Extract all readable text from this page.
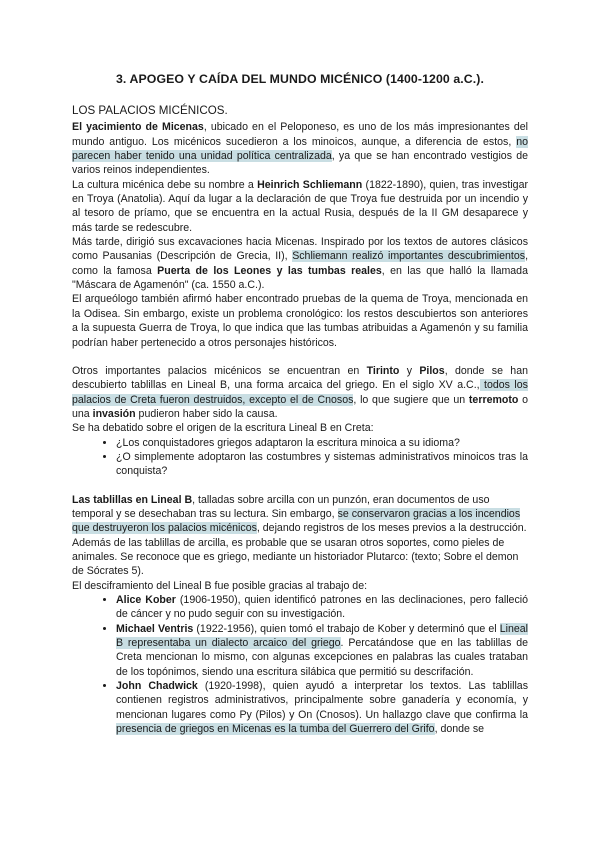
3. APOGEO Y CAÍDA DEL MUNDO MICÉNICO (1400-1200 a.C.).
LOS PALACIOS MICÉNICOS.

El yacimiento de Micenas, ubicado en el Peloponeso, es uno de los más impresionantes del mundo antiguo. Los micénicos sucedieron a los minoicos, aunque, a diferencia de estos, no parecen haber tenido una unidad política centralizada, ya que se han encontrado vestigios de varios reinos independientes.

La cultura micénica debe su nombre a Heinrich Schliemann (1822-1890), quien, tras investigar en Troya (Anatolia). Aquí da lugar a la declaración de que Troya fue destruida por un incendio y al tesoro de príamo, que se encuentra en la actual Rusia, después de la II GM desaparece y más tarde se redescubre.

Más tarde, dirigió sus excavaciones hacia Micenas. Inspirado por los textos de autores clásicos como Pausanias (Descripción de Grecia, II), Schliemann realizó importantes descubrimientos, como la famosa Puerta de los Leones y las tumbas reales, en las que halló la llamada "Máscara de Agamenón" (ca. 1550 a.C.).

El arqueólogo también afirmó haber encontrado pruebas de la quema de Troya, mencionada en la Odisea. Sin embargo, existe un problema cronológico: los restos descubiertos son anteriores a la supuesta Guerra de Troya, lo que indica que las tumbas atribuidas a Agamenón y su familia podrían haber pertenecido a otros personajes históricos.

Otros importantes palacios micénicos se encuentran en Tirinto y Pilos, donde se han descubierto tablillas en Lineal B, una forma arcaica del griego. En el siglo XV a.C., todos los palacios de Creta fueron destruidos, excepto el de Cnosos, lo que sugiere que un terremoto o una invasión pudieron haber sido la causa.

Se ha debatido sobre el origen de la escritura Lineal B en Creta:

• ¿Los conquistadores griegos adaptaron la escritura minoica a su idioma?
• ¿O simplemente adoptaron las costumbres y sistemas administrativos minoicos tras la conquista?

Las tablillas en Lineal B, talladas sobre arcilla con un punzón, eran documentos de uso temporal y se desechaban tras su lectura. Sin embargo, se conservaron gracias a los incendios que destruyeron los palacios micénicos, dejando registros de los meses previos a la destrucción. Además de las tablillas de arcilla, es probable que se usaran otros soportes, como pieles de animales. Se reconoce que es griego, mediante un historiador Plutarco: (texto; Sobre el demon de Sócrates 5).

El desciframiento del Lineal B fue posible gracias al trabajo de:

• Alice Kober (1906-1950), quien identificó patrones en las declinaciones, pero falleció de cáncer y no pudo seguir con su investigación.
• Michael Ventris (1922-1956), quien tomó el trabajo de Kober y determinó que el Lineal B representaba un dialecto arcaico del griego. Percatándose que en las tablillas de Creta mencionan lo mismo, con algunas excepciones en palabras las cuales trataban de los topónimos, siendo una escritura silábica que permitió su descrifación.
• John Chadwick (1920-1998), quien ayudó a interpretar los textos. Las tablillas contienen registros administrativos, principalmente sobre ganadería y economía, y mencionan lugares como Py (Pilos) y On (Cnosos). Un hallazgo clave que confirma la presencia de griegos en Micenas es la tumba del Guerrero del Grifo, donde se
